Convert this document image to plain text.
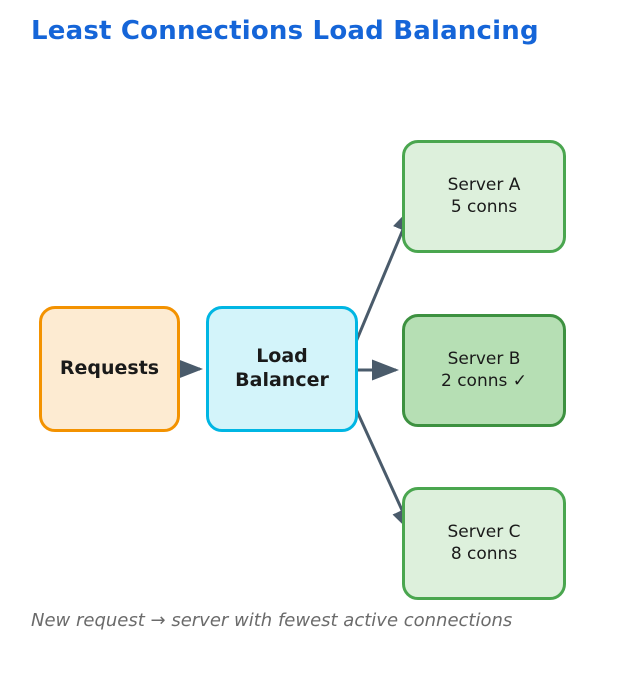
Least Connections Load Balancing
Requests
Load
Balancer
Server A
5 conns
Server B
2 conns ✓
Server C
8 conns
New request → server with fewest active connections
